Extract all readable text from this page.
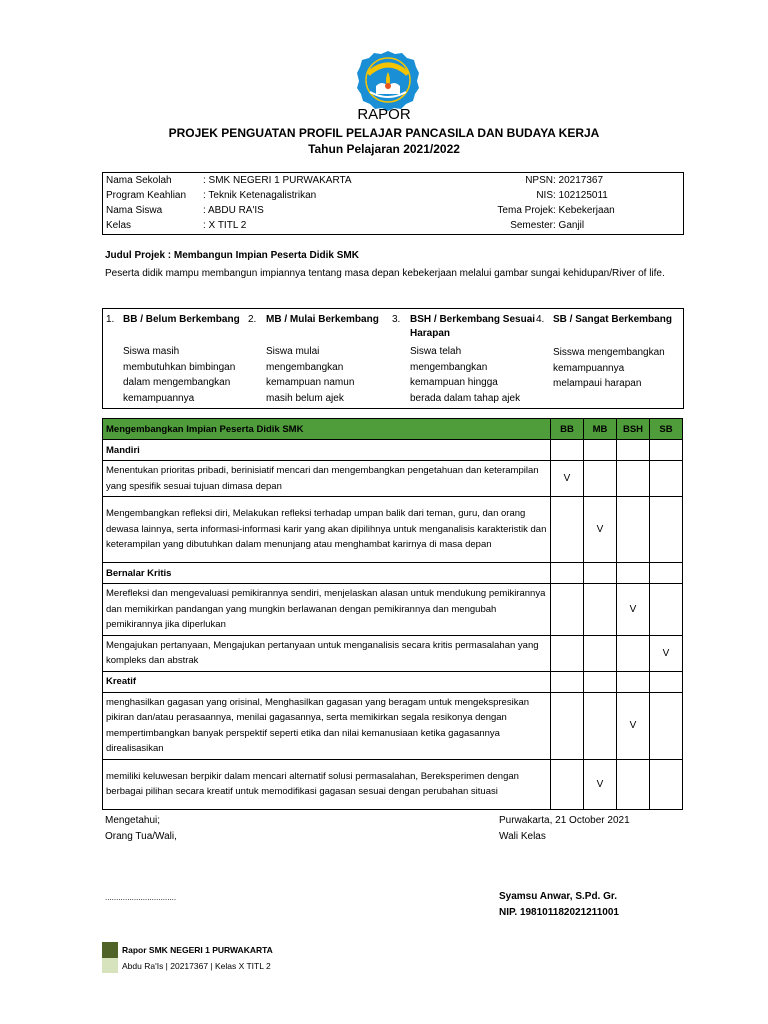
RAPOR
PROJEK PENGUATAN PROFIL PELAJAR PANCASILA DAN BUDAYA KERJA
Tahun Pelajaran 2021/2022
Nama Sekolah	: SMK NEGERI 1 PURWAKARTA
Program Keahlian : Teknik Ketenagalistrikan
Nama Siswa	: ABDU RA'IS
Kelas	: X TITL 2
NPSN : 20217367
NIS : 102125011
Tema Projek : Kebekerjaan
Semester : Ganjil
Judul Projek : Membangun Impian Peserta Didik SMK
Peserta didik mampu membangun impiannya tentang masa depan kebekerjaan melalui gambar sungai kehidupan/River of life.
1. BB / Belum Berkembang
Siswa masih
membutuhkan bimbingan
dalam mengembangkan
kemampuannya
2. MB / Mulai Berkembang
Siswa mulai
mengembangkan
kemampuan namun
masih belum ajek
3. BSH / Berkembang Sesuai
Harapan
Siswa telah
mengembangkan
kemampuan hingga
berada dalam tahap ajek
4. SB / Sangat Berkembang
Sisswa mengembangkan
kemampuannya
melampaui harapan
Mengembangkan Impian Peserta Didik SMK	BB	MB	BSH	SB
Mandiri				
Menentukan prioritas pribadi, berinisiatif mencari dan mengembangkan pengetahuan dan keterampilan yang spesifik sesuai tujuan dimasa depan	V			
Mengembangkan refleksi diri, Melakukan refleksi terhadap umpan balik dari teman, guru, dan orang dewasa lainnya, serta informasi-informasi karir yang akan dipilihnya untuk menganalisis karakteristik dan keterampilan yang dibutuhkan dalam menunjang atau menghambat karirnya di masa depan		V		
Bernalar Kritis				
Merefleksi dan mengevaluasi pemikirannya sendiri, menjelaskan alasan untuk mendukung pemikirannya dan memikirkan pandangan yang mungkin berlawanan dengan pemikirannya dan mengubah pemikirannya jika diperlukan			V	
Mengajukan pertanyaan, Mengajukan pertanyaan untuk menganalisis secara kritis permasalahan yang kompleks dan abstrak				V
Kreatif				
menghasilkan gagasan yang orisinal, Menghasilkan gagasan yang beragam untuk mengekspresikan pikiran dan/atau perasaannya, menilai gagasannya, serta memikirkan segala resikonya dengan mempertimbangkan banyak perspektif seperti etika dan nilai kemanusiaan ketika gagasannya direalisasikan			V	
memiliki keluwesan berpikir dalam mencari alternatif solusi permasalahan, Bereksperimen dengan berbagai pilihan secara kreatif untuk memodifikasi gagasan sesuai dengan perubahan situasi		V		
Mengetahui;
Orang Tua/Wali,
................................
Purwakarta, 21 October 2021
Wali Kelas
Syamsu Anwar, S.Pd. Gr.
NIP. 198101182021211001
Rapor SMK NEGERI 1 PURWAKARTA
Abdu Ra'Is | 20217367 | Kelas X TITL 2
